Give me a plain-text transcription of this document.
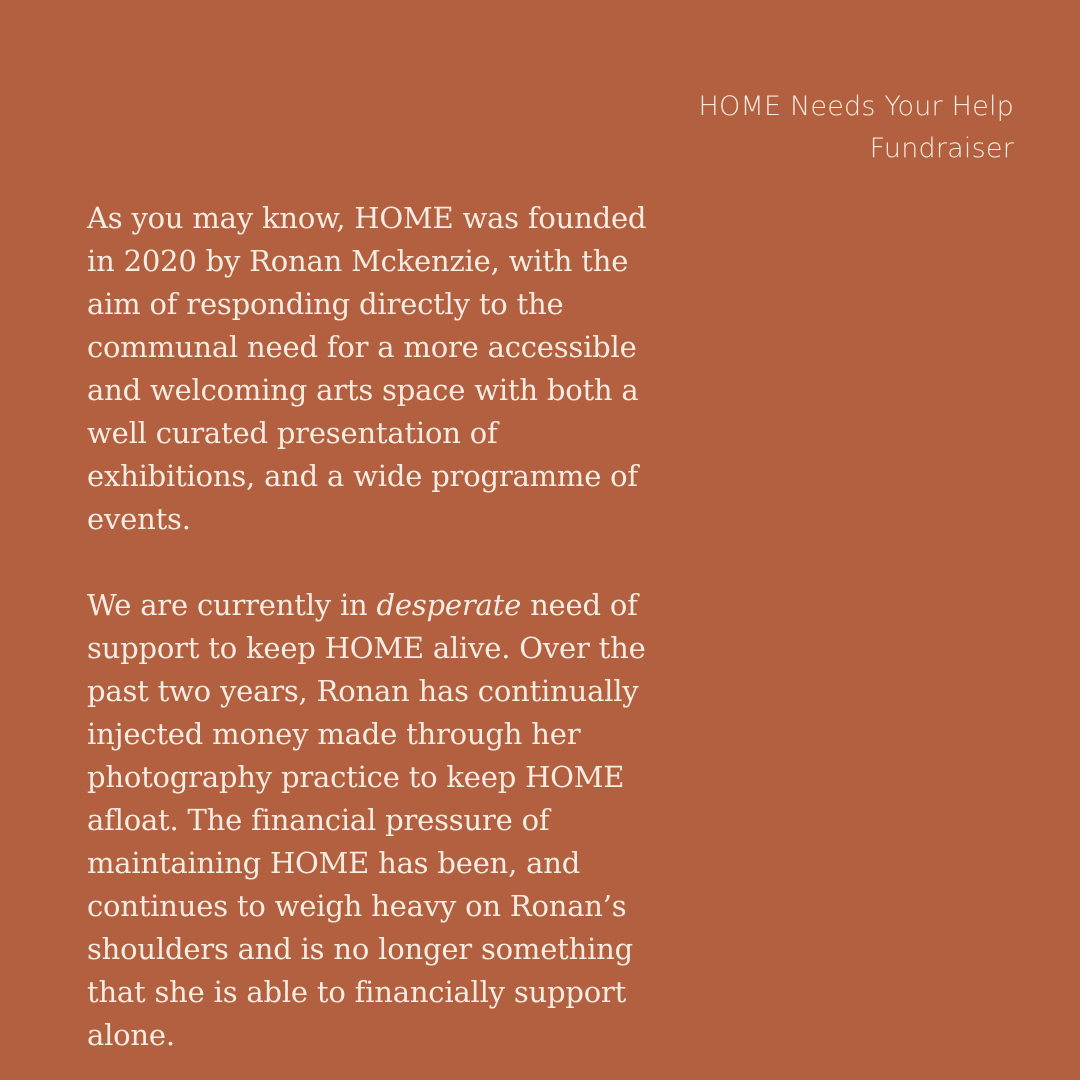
HOME Needs Your Help
Fundraiser

As you may know, HOME was founded
in 2020 by Ronan Mckenzie, with the
aim of responding directly to the
communal need for a more accessible
and welcoming arts space with both a
well curated presentation of
exhibitions, and a wide programme of
events.

We are currently in desperate need of
support to keep HOME alive. Over the
past two years, Ronan has continually
injected money made through her
photography practice to keep HOME
afloat. The financial pressure of
maintaining HOME has been, and
continues to weigh heavy on Ronan’s
shoulders and is no longer something
that she is able to financially support
alone.
